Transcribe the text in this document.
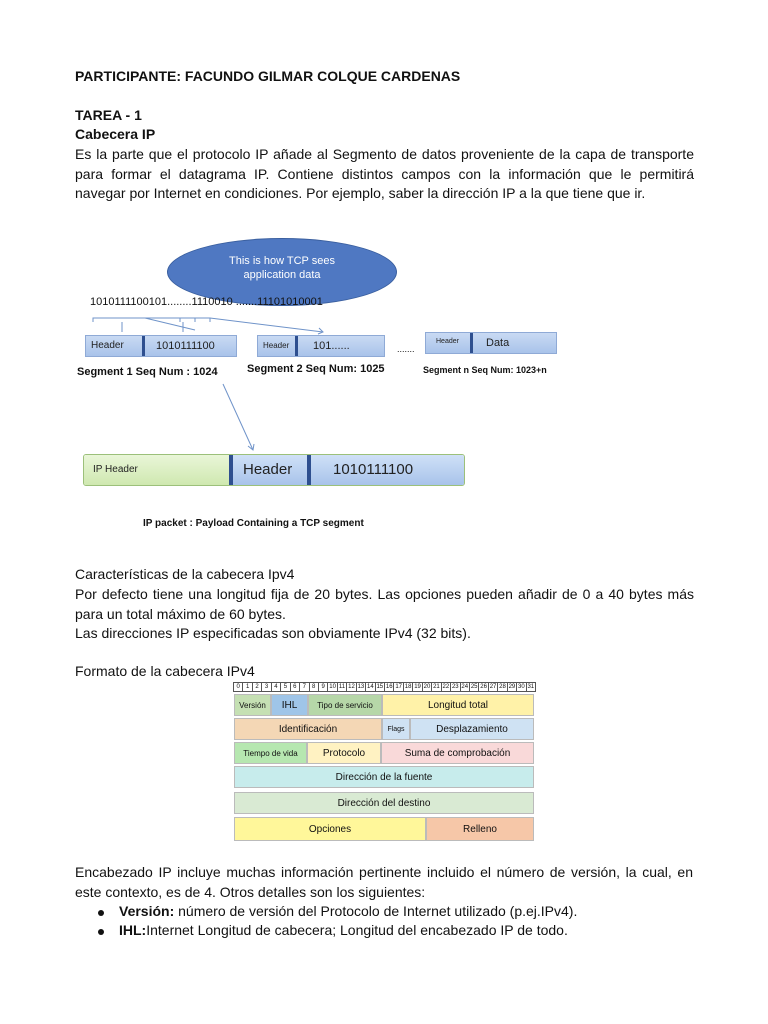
PARTICIPANTE: FACUNDO GILMAR COLQUE CARDENAS
TAREA - 1
Cabecera IP
Es la parte que el protocolo IP añade al Segmento de datos proveniente de la capa de transporte
para formar el datagrama IP. Contiene distintos campos con la información que le permitirá
navegar por Internet en condiciones. Por ejemplo, saber la dirección IP a la que tiene que ir.
This is how TCP sees
application data
1010111100101........1110010 .......11101010001
Header	1010111100
Segment 1 Seq Num : 1024
Header 101......
Segment 2 Seq Num: 1025
.......
Header Data
Segment n Seq Num: 1023+n
IP Header	Header	1010111100
IP packet : Payload Containing a TCP segment
Características de la cabecera Ipv4
Por defecto tiene una longitud fija de 20 bytes. Las opciones pueden añadir de 0 a 40 bytes más
para un total máximo de 60 bytes.
Las direcciones IP especificadas son obviamente IPv4 (32 bits).
Formato de la cabecera IPv4
0	1	2	3	4	5	6	7	8	9 10 11 12 13 14 15 16 17 18 19 20 21 22 23 24 25 26 27 28 29 30 31
Versión	IHL	Tipo de servicio	Longitud total
Identificación	Flags	Desplazamiento
Tiempo de vida	Protocolo	Suma de comprobación
Dirección de la fuente
Dirección del destino
Opciones	Relleno
Encabezado IP incluye muchas información pertinente incluido el número de versión, la cual, en
este contexto, es de 4. Otros detalles son los siguientes:
Versión: número de versión del Protocolo de Internet utilizado (p.ej.IPv4).
IHL:Internet Longitud de cabecera; Longitud del encabezado IP de todo.
